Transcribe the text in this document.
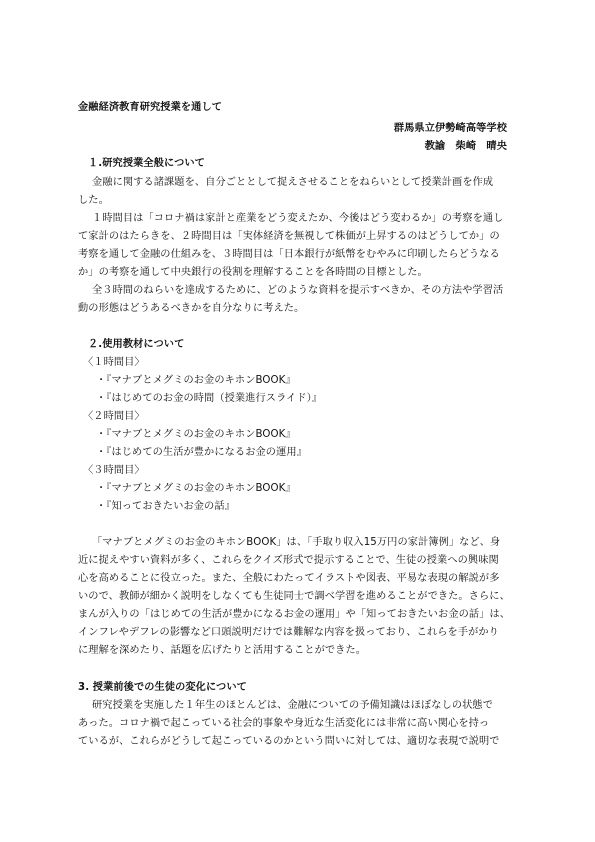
金融経済教育研究授業を通して
群馬県立伊勢崎高等学校
教諭　柴崎　晴央
１.研究授業全般について
金融に関する諸課題を、自分ごととして捉えさせることをねらいとして授業計画を作成
した。
１時間目は「コロナ禍は家計と産業をどう変えたか、今後はどう変わるか」の考察を通し
て家計のはたらきを、２時間目は「実体経済を無視して株価が上昇するのはどうしてか」の
考察を通して金融の仕組みを、３時間目は「日本銀行が紙幣をむやみに印刷したらどうなる
か」の考察を通して中央銀行の役割を理解することを各時間の目標とした。
全３時間のねらいを達成するために、どのような資料を提示すべきか、その方法や学習活
動の形態はどうあるべきかを自分なりに考えた。
２.使用教材について
〈１時間目〉
・『マナブとメグミのお金のキホンBOOK』
・『はじめてのお金の時間（授業進行スライド）』
〈２時間目〉
・『マナブとメグミのお金のキホンBOOK』
・『はじめての生活が豊かになるお金の運用』
〈３時間目〉
・『マナブとメグミのお金のキホンBOOK』
・『知っておきたいお金の話』
「マナブとメグミのお金のキホンBOOK」は、「手取り収入15万円の家計簿例」など、身
近に捉えやすい資料が多く、これらをクイズ形式で提示することで、生徒の授業への興味関
心を高めることに役立った。また、全般にわたってイラストや図表、平易な表現の解説が多
いので、教師が細かく説明をしなくても生徒同士で調べ学習を進めることができた。さらに、
まんが入りの「はじめての生活が豊かになるお金の運用」や「知っておきたいお金の話」は、
インフレやデフレの影響など口頭説明だけでは難解な内容を扱っており、これらを手がかり
に理解を深めたり、話題を広げたりと活用することができた。
3. 授業前後での生徒の変化について
研究授業を実施した１年生のほとんどは、金融についての予備知識はほぼなしの状態で
あった。コロナ禍で起こっている社会的事象や身近な生活変化には非常に高い関心を持っ
ているが、これらがどうして起こっているのかという問いに対しては、適切な表現で説明で
